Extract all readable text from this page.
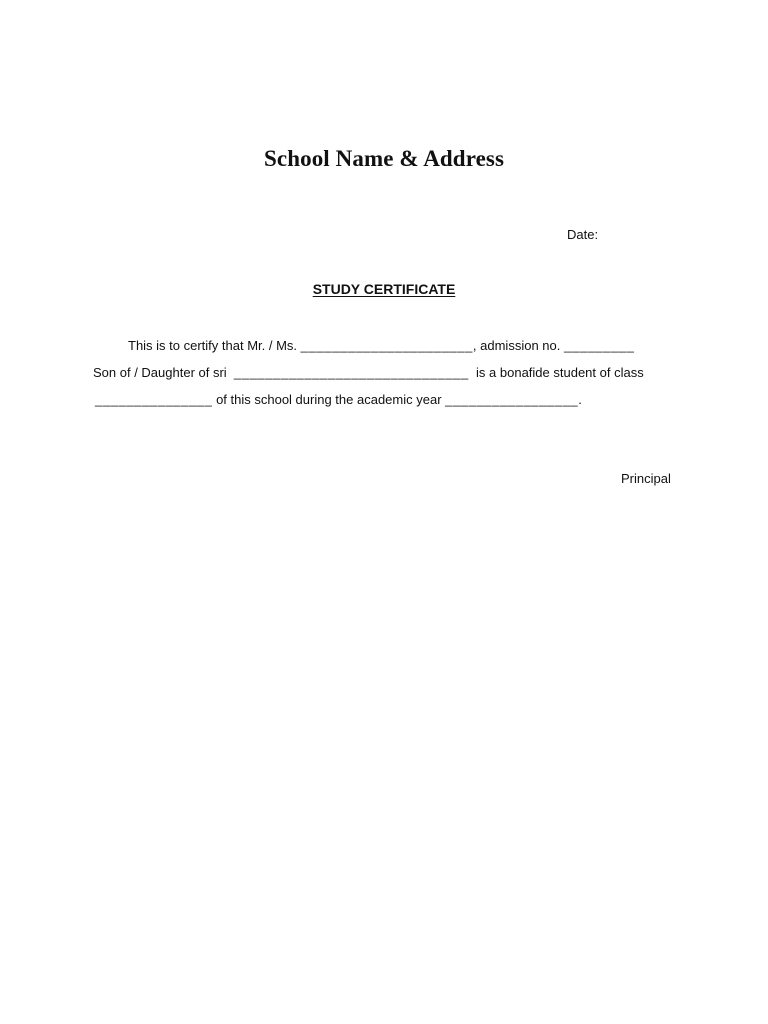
School Name & Address
Date:
STUDY CERTIFICATE
This is to certify that Mr. / Ms. ______________________, admission no. _________
Son of / Daughter of sri  ______________________________  is a bonafide student of class
_______________ of this school during the academic year _________________.
Principal
